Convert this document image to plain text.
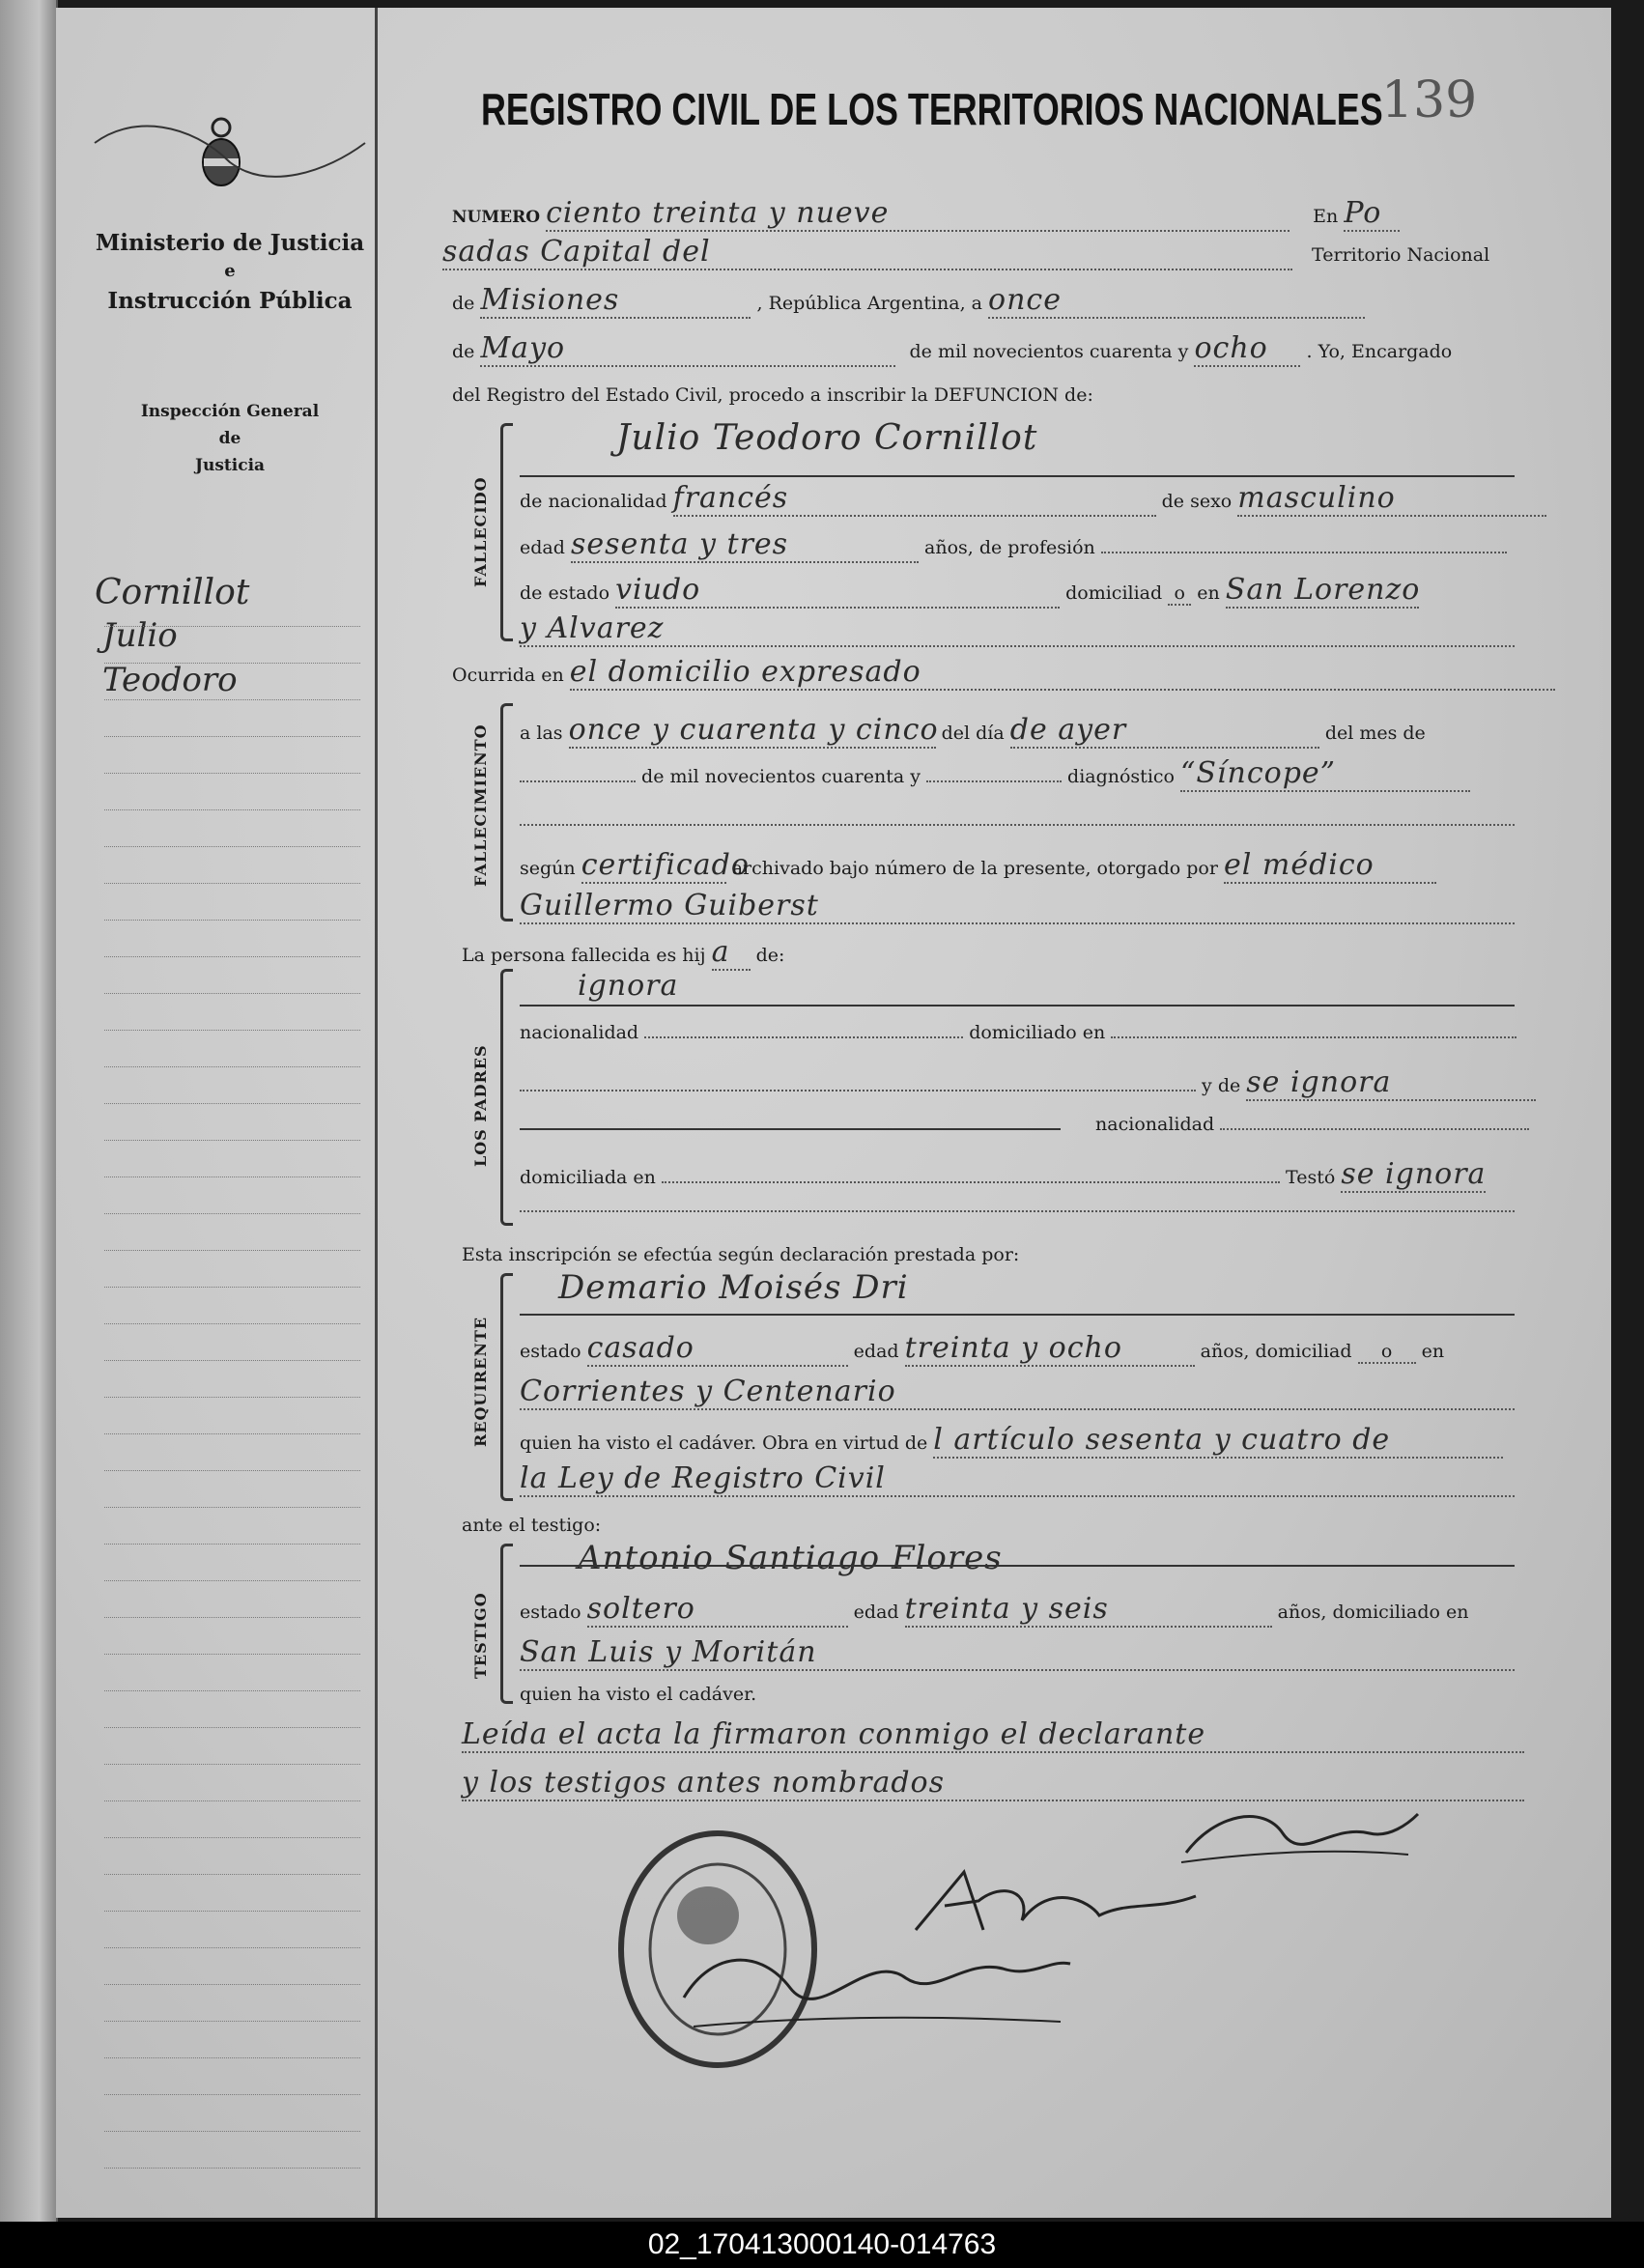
Ministerio de Justicia
e
Instrucción Pública
Inspección General
de
Justicia
Cornillot
Julio
Teodoro
139
REGISTRO CIVIL DE LOS TERRITORIOS NACIONALES
NUMERO ciento treinta y nueve	En Po
sadas Capital del	Territorio Nacional
de Misiones	, República Argentina, a once
de Mayo	de mil novecientos cuarenta y ocho . Yo, Encargado
del Registro del Estado Civil, procedo a inscribir la DEFUNCION de:
FALLECIDO
Julio Teodoro Cornillot
de nacionalidad francés	de sexo masculino
edad sesenta y tres	años, de profesión
de estado viudo	domiciliad o en San Lorenzo
y Alvarez
Ocurrida en el domicilio expresado
FALLECIMIENTO a las once y cuarenta y cinco del día de ayer	del mes de
de mil novecientos cuarenta y	diagnóstico “Síncope”
según certificado archivado bajo número de la presente, otorgado por el médico
Guillermo Guiberst
La persona fallecida es hij a de:
LOS PADRES
ignora
nacionalidad	domiciliado en
y de se ignora
nacionalidad
domiciliada en	Testó se ignora
Esta inscripción se efectúa según declaración prestada por:
REQUIRENTE
Demario Moisés Dri
estado casado	edad treinta y ocho	años, domiciliad o en
Corrientes y Centenario
quien ha visto el cadáver. Obra en virtud de l artículo sesenta y cuatro de
la Ley de Registro Civil
ante el testigo:
TESTIGO
Antonio Santiago Flores
estado soltero	edad treinta y seis	años, domiciliado en
San Luis y Moritán
quien ha visto el cadáver.
Leída el acta la firmaron conmigo el declarante
y los testigos antes nombrados
02_170413000140-014763
